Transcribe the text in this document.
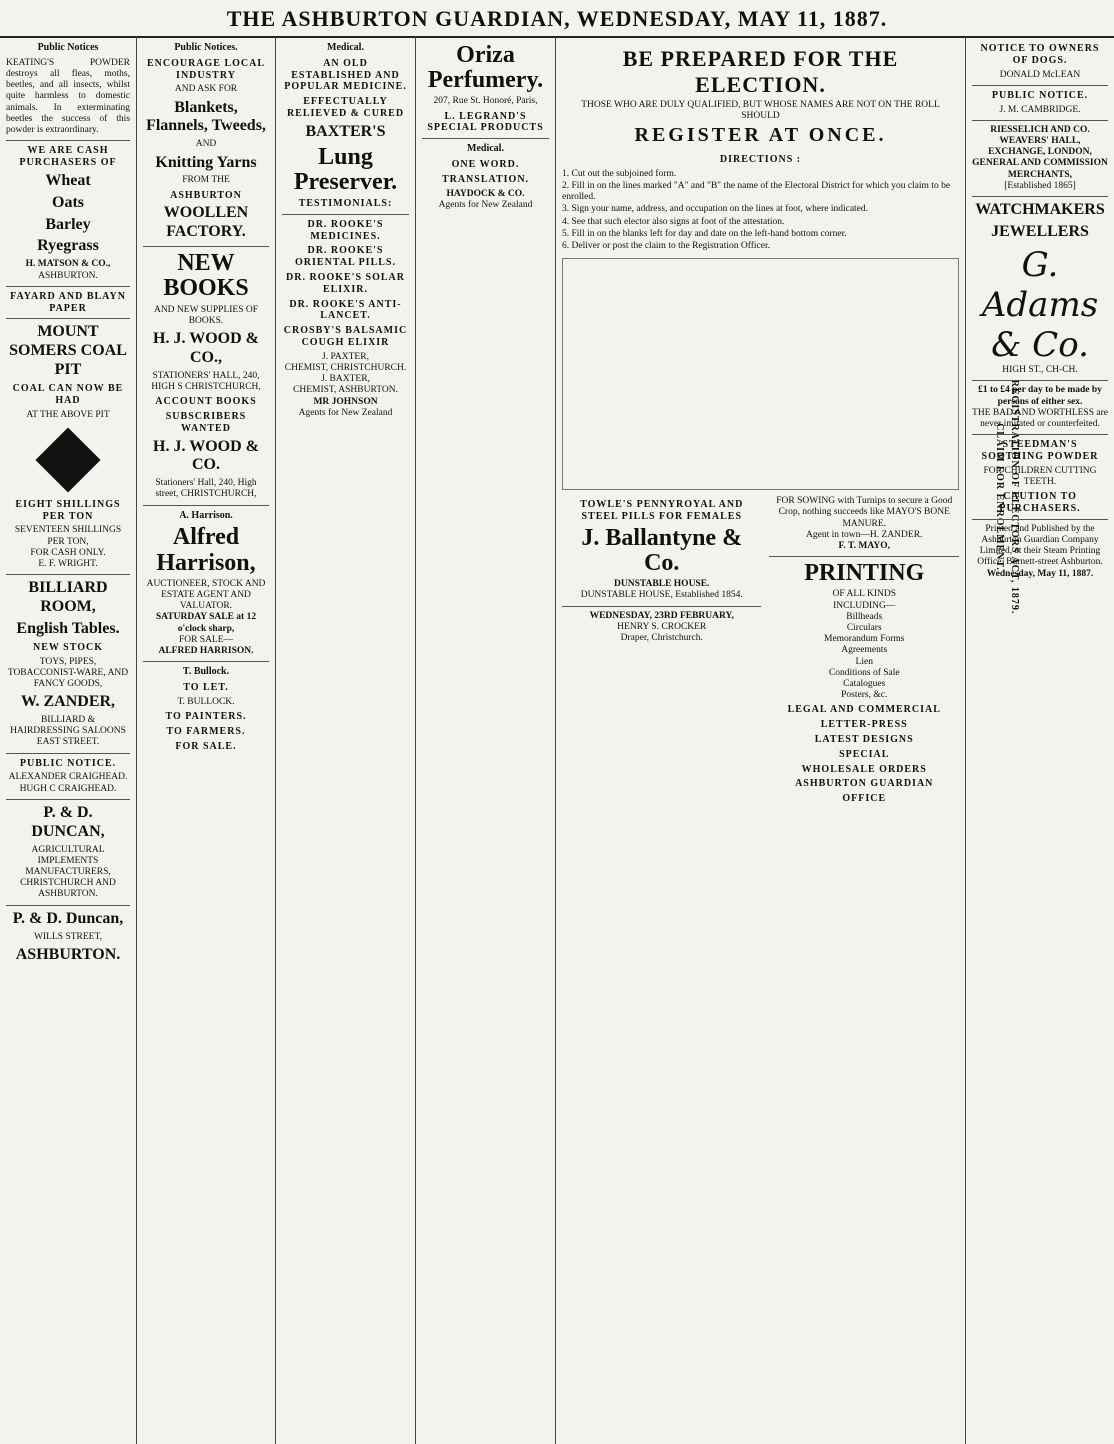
THE ASHBURTON GUARDIAN, WEDNESDAY, MAY 11, 1887.
Public Notices
KEATING'S POWDER destroys all fleas, moths, beetles, and all insects, whilst quite harmless to domestic animals. In exterminating beetles the success of this powder is extraordinary.
WE ARE CASH PURCHASERS OF
Wheat
Oats
Barley
Ryegrass
H. MATSON & CO.,
ASHBURTON.
FAYARD AND BLAYN PAPER
MOUNT SOMERS COAL PIT
COAL CAN NOW BE HAD
AT THE ABOVE PIT
EIGHT SHILLINGS PER TON
SEVENTEEN SHILLINGS PER TON,
FOR CASH ONLY.
E. F. WRIGHT.
BILLIARD ROOM,
English Tables.
NEW STOCK
TOYS, PIPES, TOBACCONIST-WARE, AND FANCY GOODS,
W. ZANDER,
BILLIARD & HAIRDRESSING SALOONS EAST STREET.
PUBLIC NOTICE.
ALEXANDER CRAIGHEAD.
HUGH C CRAIGHEAD.
P. & D. DUNCAN,
AGRICULTURAL IMPLEMENTS MANUFACTURERS,
CHRISTCHURCH AND ASHBURTON.
P. & D. Duncan,
WILLS STREET,
ASHBURTON.
Public Notices.
ENCOURAGE LOCAL INDUSTRY
AND ASK FOR
Blankets, Flannels, Tweeds,
AND
Knitting Yarns
FROM THE
ASHBURTON
WOOLLEN FACTORY.
NEW BOOKS
AND NEW SUPPLIES OF BOOKS.
H. J. WOOD & CO.,
STATIONERS' HALL, 240, HIGH S CHRISTCHURCH,
ACCOUNT BOOKS
SUBSCRIBERS WANTED
H. J. WOOD & CO.
Stationers' Hall, 240, High street, CHRISTCHURCH,
A. Harrison.
Alfred Harrison,
AUCTIONEER, STOCK AND ESTATE AGENT AND VALUATOR.
SATURDAY SALE at 12 o'clock sharp,
FOR SALE—
ALFRED HARRISON.
T. Bullock.
TO LET.
T. BULLOCK.
TO PAINTERS.
TO FARMERS.
FOR SALE.
Medical.
AN OLD ESTABLISHED AND POPULAR MEDICINE.
EFFECTUALLY RELIEVED & CURED
BAXTER'S
Lung Preserver.
TESTIMONIALS:
DR. ROOKE'S MEDICINES.
DR. ROOKE'S ORIENTAL PILLS.
DR. ROOKE'S SOLAR ELIXIR.
DR. ROOKE'S ANTI-LANCET.
CROSBY'S BALSAMIC COUGH ELIXIR
J. PAXTER,
CHEMIST, CHRISTCHURCH.
J. BAXTER,
CHEMIST, ASHBURTON.
MR JOHNSON
Agents for New Zealand
Oriza Perfumery.
207, Rue St. Honoré, Paris,
L. LEGRAND'S SPECIAL PRODUCTS
Medical.
ONE WORD.
TRANSLATION.
HAYDOCK & CO.
Agents for New Zealand
BE PREPARED FOR THE ELECTION.
THOSE WHO ARE DULY QUALIFIED, BUT WHOSE NAMES ARE NOT ON THE ROLL SHOULD
REGISTER AT ONCE.
DIRECTIONS :
1. Cut out the subjoined form.
2. Fill in on the lines marked "A" and "B" the name of the Electoral District for which you claim to be enrolled.
3. Sign your name, address, and occupation on the lines at foot, where indicated.
4. See that such elector also signs at foot of the attestation.
5. Fill in on the blanks left for day and date on the left-hand bottom corner.
6. Deliver or post the claim to the Registration Officer.
REGISTRATION OF ELECTORS ACT, 1879.
CLAIM FOR ENROLMENT.
TOWLE'S PENNYROYAL AND STEEL PILLS FOR FEMALES
J. Ballantyne & Co.
DUNSTABLE HOUSE.
DUNSTABLE HOUSE, Established 1854.
WEDNESDAY, 23RD FEBRUARY,
HENRY S. CROCKER
Draper, Christchurch.
FOR SOWING with Turnips to secure a Good Crop, nothing succeeds like MAYO'S BONE MANURE.
Agent in town—H. ZANDER.
F. T. MAYO,
PRINTING
OF ALL KINDS
INCLUDING—
Billheads
Circulars
Memorandum Forms
Agreements
Lien
Conditions of Sale
Catalogues
Posters, &c.
LEGAL AND COMMERCIAL
LETTER-PRESS
LATEST DESIGNS
SPECIAL
WHOLESALE ORDERS
ASHBURTON GUARDIAN
OFFICE
NOTICE TO OWNERS OF DOGS.
DONALD McLEAN
PUBLIC NOTICE.
J. M. CAMBRIDGE.
RIESSELICH AND CO. WEAVERS' HALL, EXCHANGE, LONDON, GENERAL AND COMMISSION MERCHANTS,
[Established 1865]
WATCHMAKERS
JEWELLERS
G. Adams & Co.
HIGH ST., CH-CH.
£1 to £4 per day to be made by persons of either sex.
THE BAD AND WORTHLESS are never imitated or counterfeited.
STEEDMAN'S SOOTHING POWDER
FOR CHILDREN CUTTING TEETH.
CAUTION TO PURCHASERS.
Printed and Published by the Ashburton Guardian Company Limited, at their Steam Printing Office, Burnett-street Ashburton.
Wednesday, May 11, 1887.
